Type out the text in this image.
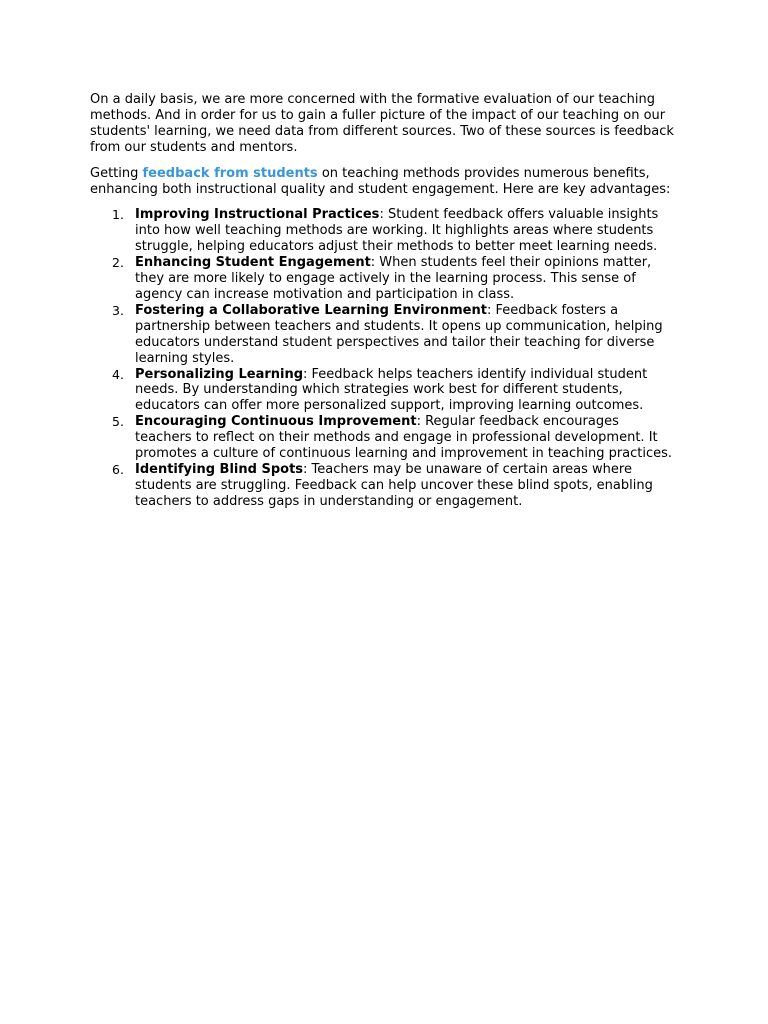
On a daily basis, we are more concerned with the formative evaluation of our teaching methods. And in order for us to gain a fuller picture of the impact of our teaching on our students' learning, we need data from different sources. Two of these sources is feedback from our students and mentors.

Getting feedback from students on teaching methods provides numerous benefits, enhancing both instructional quality and student engagement. Here are key advantages:

1. Improving Instructional Practices: Student feedback offers valuable insights into how well teaching methods are working. It highlights areas where students struggle, helping educators adjust their methods to better meet learning needs.
2. Enhancing Student Engagement: When students feel their opinions matter, they are more likely to engage actively in the learning process. This sense of agency can increase motivation and participation in class.
3. Fostering a Collaborative Learning Environment: Feedback fosters a partnership between teachers and students. It opens up communication, helping educators understand student perspectives and tailor their teaching for diverse learning styles.
4. Personalizing Learning: Feedback helps teachers identify individual student needs. By understanding which strategies work best for different students, educators can offer more personalized support, improving learning outcomes.
5. Encouraging Continuous Improvement: Regular feedback encourages teachers to reflect on their methods and engage in professional development. It promotes a culture of continuous learning and improvement in teaching practices.
6. Identifying Blind Spots: Teachers may be unaware of certain areas where students are struggling. Feedback can help uncover these blind spots, enabling teachers to address gaps in understanding or engagement.
